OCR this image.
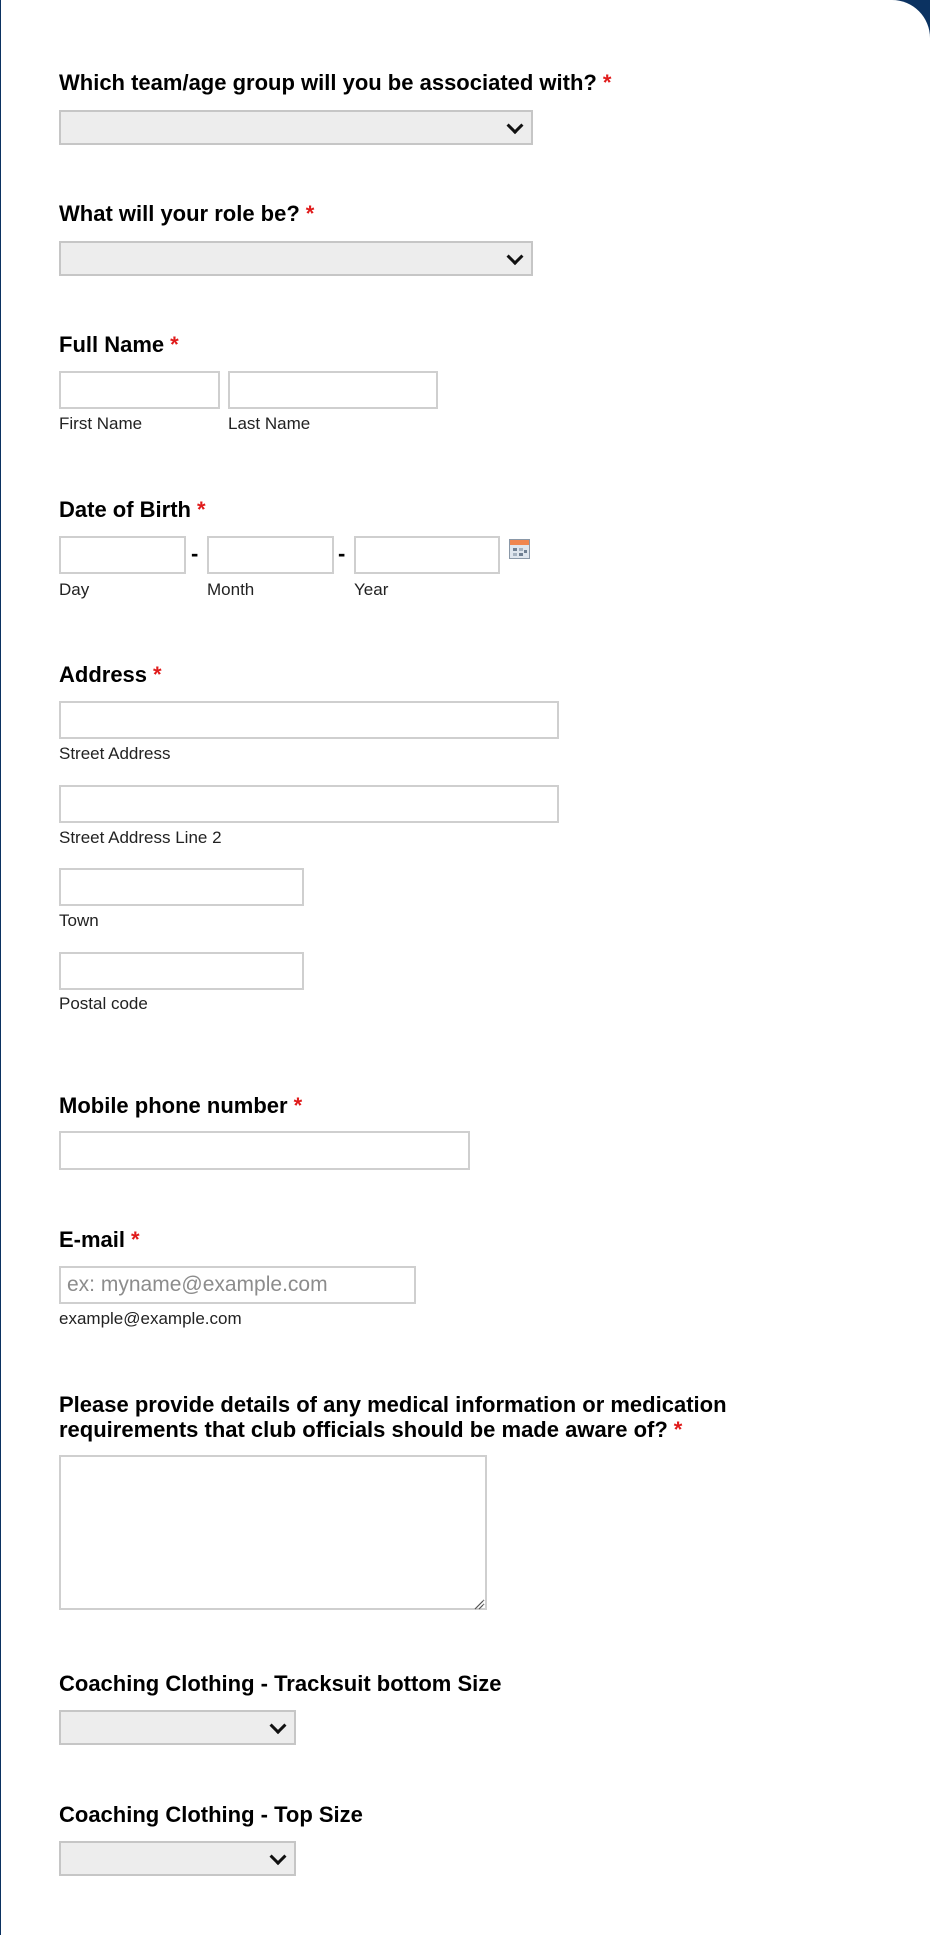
Which team/age group will you be associated with? *

What will your role be? *

Full Name *

First Name	Last Name

Date of Birth *

-	-
Day	Month	Year

Address *

Street Address
Street Address Line 2
Town
Postal code

Mobile phone number *

E-mail *

ex: myname@example.com
example@example.com

Please provide details of any medical information or medication
requirements that club officials should be made aware of? *

Coaching Clothing - Tracksuit bottom Size

Coaching Clothing - Top Size
